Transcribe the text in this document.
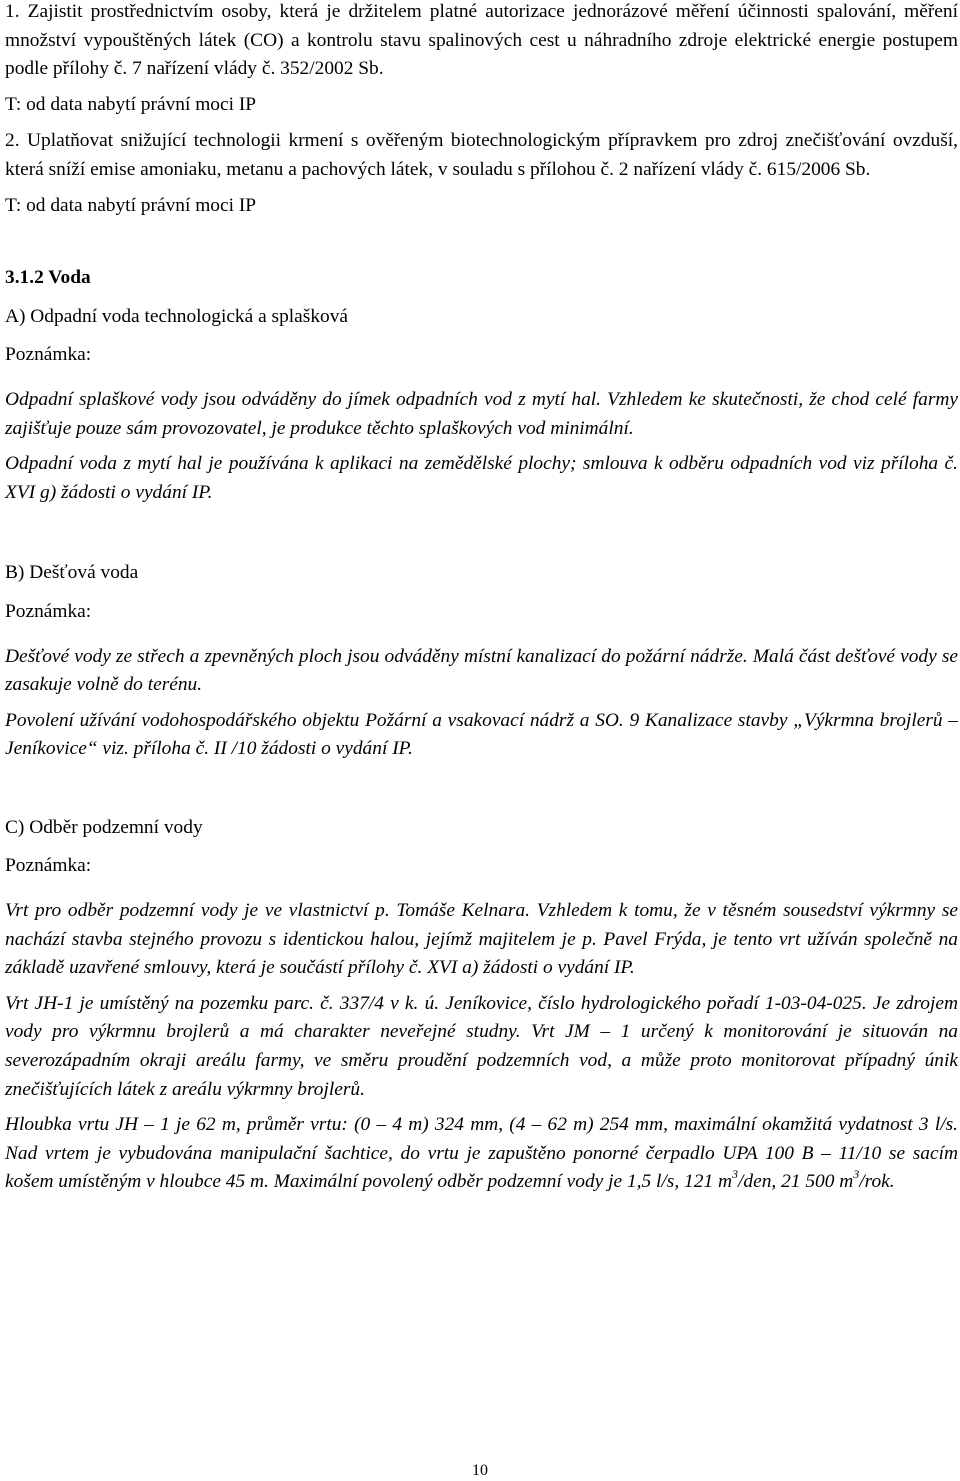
1. Zajistit prostřednictvím osoby, která je držitelem platné autorizace jednorázové měření účinnosti spalování, měření množství vypouštěných látek (CO) a kontrolu stavu spalinových cest u náhradního zdroje elektrické energie postupem podle přílohy č. 7 nařízení vlády č. 352/2002 Sb.

T: od data nabytí právní moci IP

2. Uplatňovat snižující technologii krmení s ověřeným biotechnologickým přípravkem pro zdroj znečišťování ovzduší, která sníží emise amoniaku, metanu a pachových látek, v souladu s přílohou č. 2 nařízení vlády č. 615/2006 Sb.

T: od data nabytí právní moci IP

3.1.2 Voda

A) Odpadní voda technologická a splašková

Poznámka:

Odpadní splaškové vody jsou odváděny do jímek odpadních vod z mytí hal. Vzhledem ke skutečnosti, že chod celé farmy zajišťuje pouze sám provozovatel, je produkce těchto splaškových vod minimální.

Odpadní voda z mytí hal je používána k aplikaci na zemědělské plochy; smlouva k odběru odpadních vod viz příloha č. XVI g) žádosti o vydání IP.

B) Dešťová voda

Poznámka:

Dešťové vody ze střech a zpevněných ploch jsou odváděny místní kanalizací do požární nádrže. Malá část dešťové vody se zasakuje volně do terénu.

Povolení užívání vodohospodářského objektu Požární a vsakovací nádrž a SO. 9 Kanalizace stavby „Výkrmna brojlerů – Jeníkovice“ viz. příloha č. II /10 žádosti o vydání IP.

C) Odběr podzemní vody

Poznámka:

Vrt pro odběr podzemní vody je ve vlastnictví p. Tomáše Kelnara. Vzhledem k tomu, že v těsném sousedství výkrmny se nachází stavba stejného provozu s identickou halou, jejímž majitelem je p. Pavel Frýda, je tento vrt užíván společně na základě uzavřené smlouvy, která je součástí přílohy č. XVI a) žádosti o vydání IP.

Vrt JH-1 je umístěný na pozemku parc. č. 337/4 v k. ú. Jeníkovice, číslo hydrologického pořadí 1-03-04-025. Je zdrojem vody pro výkrmnu brojlerů a má charakter neveřejné studny. Vrt JM – 1 určený k monitorování je situován na severozápadním okraji areálu farmy, ve směru proudění podzemních vod, a může proto monitorovat případný únik znečišťujících látek z areálu výkrmny brojlerů.

Hloubka vrtu JH – 1 je 62 m, průměr vrtu: (0 – 4 m) 324 mm, (4 – 62 m) 254 mm, maximální okamžitá vydatnost 3 l/s. Nad vrtem je vybudována manipulační šachtice, do vrtu je zapuštěno ponorné čerpadlo UPA 100 B – 11/10 se sacím košem umístěným v hloubce 45 m. Maximální povolený odběr podzemní vody je 1,5 l/s, 121 $m^3$/den, 21 500 $m^3$/rok.

10
